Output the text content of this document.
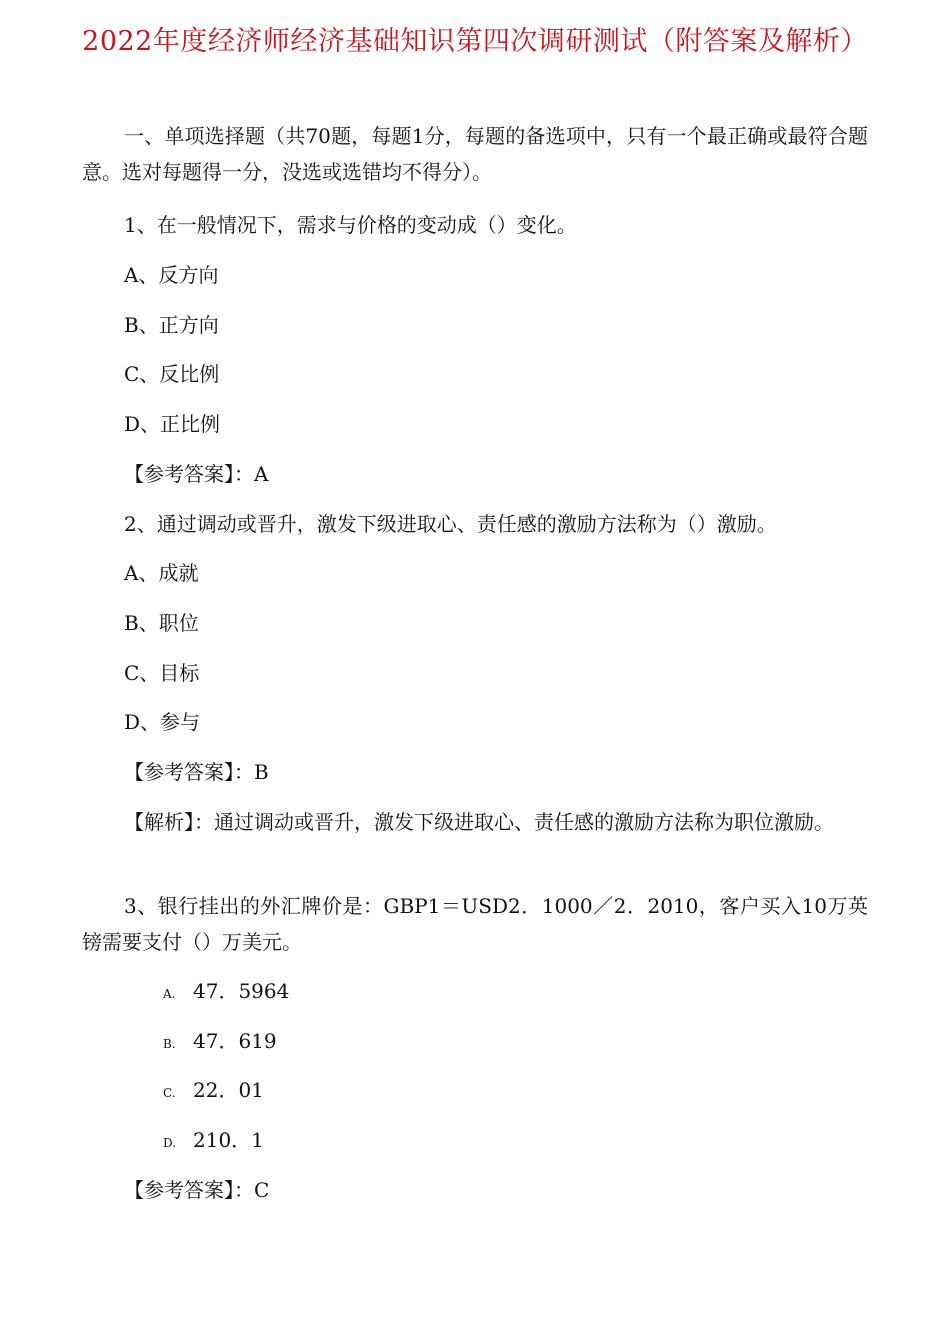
2022年度经济师经济基础知识第四次调研测试（附答案及解析）
一、单项选择题（共70题，每题1分，每题的备选项中，只有一个最正确或最符合题意。选对每题得一分，没选或选错均不得分）。
1、在一般情况下，需求与价格的变动成（）变化。
A、反方向
B、正方向
C、反比例
D、正比例
【参考答案】：A
2、通过调动或晋升，激发下级进取心、责任感的激励方法称为（）激励。
A、成就
B、职位
C、目标
D、参与
【参考答案】：B
【解析】：通过调动或晋升，激发下级进取心、责任感的激励方法称为职位激励。
3、银行挂出的外汇牌价是：GBP1＝USD2．1000／2．2010，客户买入10万英镑需要支付（）万美元。
A. 47．5964
B. 47．619
C. 22．01
D. 210．1
【参考答案】：C
